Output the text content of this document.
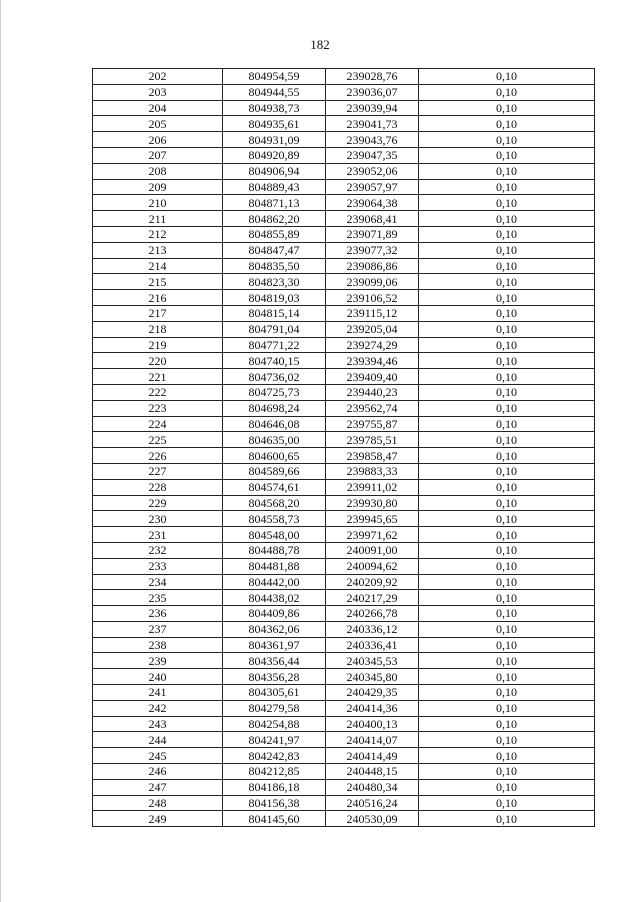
182
202	804954,59	239028,76	0,10
203	804944,55	239036,07	0,10
204	804938,73	239039,94	0,10
205	804935,61	239041,73	0,10
206	804931,09	239043,76	0,10
207	804920,89	239047,35	0,10
208	804906,94	239052,06	0,10
209	804889,43	239057,97	0,10
210	804871,13	239064,38	0,10
211	804862,20	239068,41	0,10
212	804855,89	239071,89	0,10
213	804847,47	239077,32	0,10
214	804835,50	239086,86	0,10
215	804823,30	239099,06	0,10
216	804819,03	239106,52	0,10
217	804815,14	239115,12	0,10
218	804791,04	239205,04	0,10
219	804771,22	239274,29	0,10
220	804740,15	239394,46	0,10
221	804736,02	239409,40	0,10
222	804725,73	239440,23	0,10
223	804698,24	239562,74	0,10
224	804646,08	239755,87	0,10
225	804635,00	239785,51	0,10
226	804600,65	239858,47	0,10
227	804589,66	239883,33	0,10
228	804574,61	239911,02	0,10
229	804568,20	239930,80	0,10
230	804558,73	239945,65	0,10
231	804548,00	239971,62	0,10
232	804488,78	240091,00	0,10
233	804481,88	240094,62	0,10
234	804442,00	240209,92	0,10
235	804438,02	240217,29	0,10
236	804409,86	240266,78	0,10
237	804362,06	240336,12	0,10
238	804361,97	240336,41	0,10
239	804356,44	240345,53	0,10
240	804356,28	240345,80	0,10
241	804305,61	240429,35	0,10
242	804279,58	240414,36	0,10
243	804254,88	240400,13	0,10
244	804241,97	240414,07	0,10
245	804242,83	240414,49	0,10
246	804212,85	240448,15	0,10
247	804186,18	240480,34	0,10
248	804156,38	240516,24	0,10
249	804145,60	240530,09	0,10
